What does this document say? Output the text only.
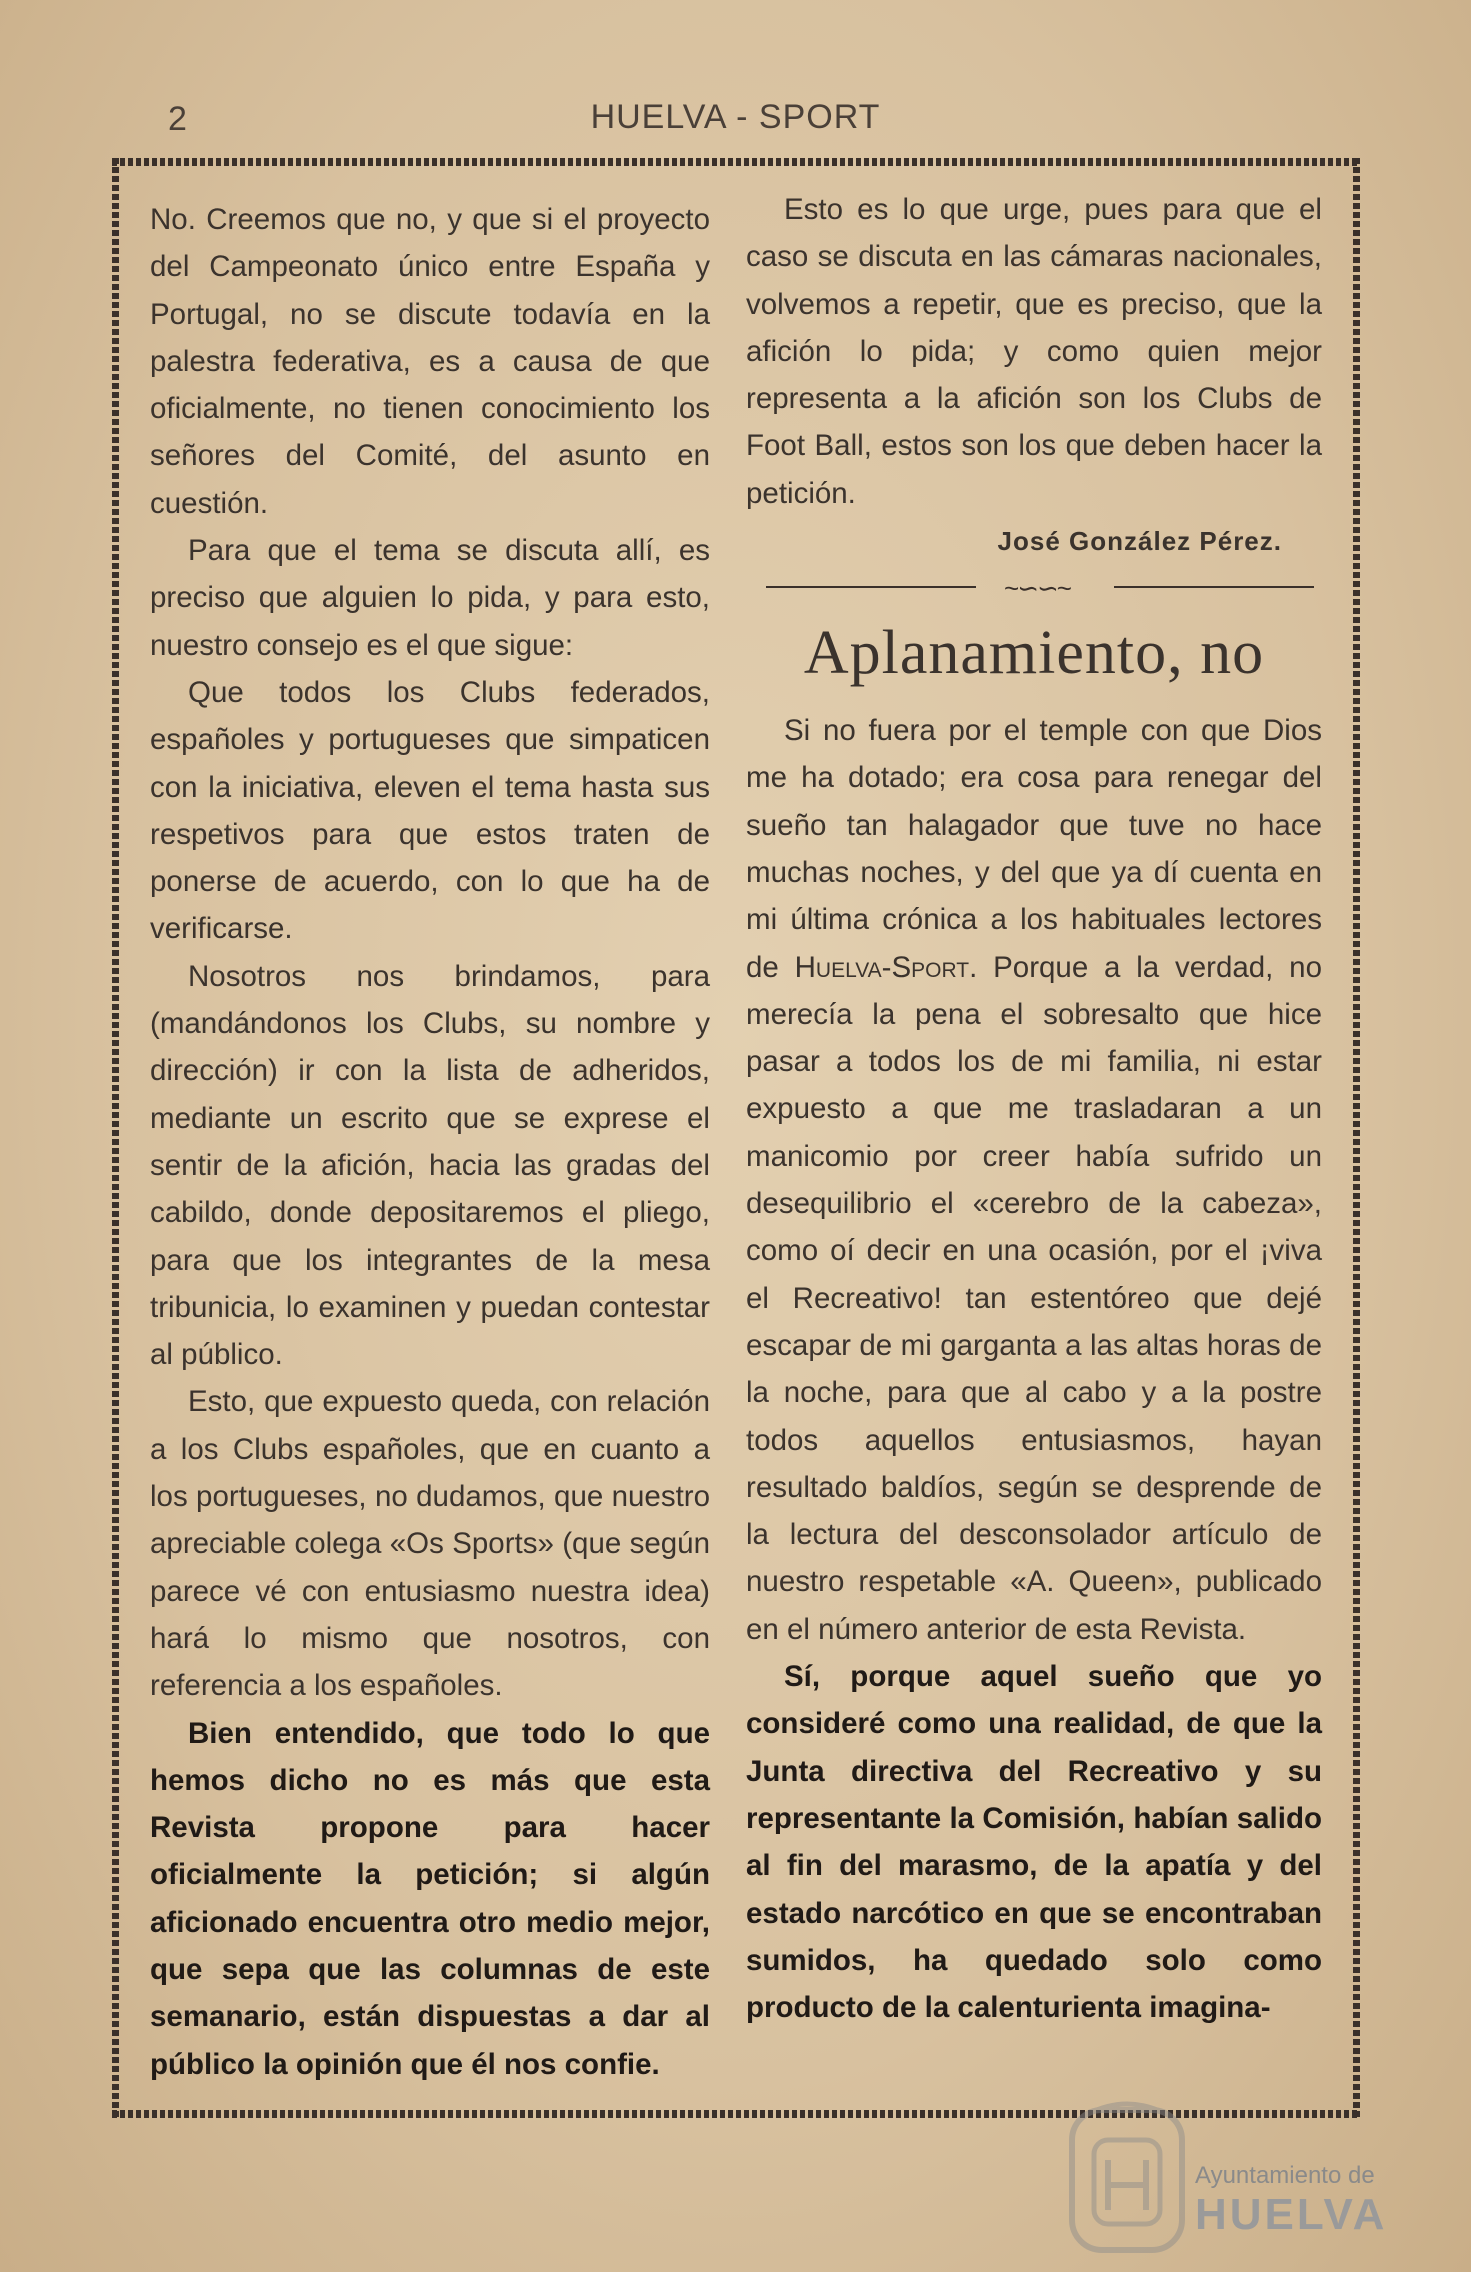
2	HUELVA - SPORT

No. Creemos que no, y que si el proyecto del Campeonato único entre España y Portugal, no se discute todavía en la palestra federativa, es a causa de que oficialmente, no tienen conocimiento los señores del Comité, del asunto en cuestión.

Para que el tema se discuta allí, es preciso que alguien lo pida, y para esto, nuestro consejo es el que sigue:

Que todos los Clubs federados, españoles y portugueses que simpaticen con la iniciativa, eleven el tema hasta sus respetivos para que estos traten de ponerse de acuerdo, con lo que ha de verificarse.

Nosotros nos brindamos, para (mandándonos los Clubs, su nombre y dirección) ir con la lista de adheridos, mediante un escrito que se exprese el sentir de la afición, hacia las gradas del cabildo, donde depositaremos el pliego, para que los integrantes de la mesa tribunicia, lo examinen y puedan contestar al público.

Esto, que expuesto queda, con relación a los Clubs españoles, que en cuanto a los portugueses, no dudamos, que nuestro apreciable colega «Os Sports» (que según parece vé con entusiasmo nuestra idea) hará lo mismo que nosotros, con referencia a los españoles.

Bien entendido, que todo lo que hemos dicho no es más que esta Revista propone para hacer oficialmente la petición; si algún aficionado encuentra otro medio mejor, que sepa que las columnas de este semanario, están dispuestas a dar al público la opinión que él nos confie.

Esto es lo que urge, pues para que el caso se discuta en las cámaras nacionales, volvemos a repetir, que es preciso, que la afición lo pida; y como quien mejor representa a la afición son los Clubs de Foot Ball, estos son los que deben hacer la petición.

José González Pérez.
~∽∽~
Aplanamiento, no

Si no fuera por el temple con que Dios me ha dotado; era cosa para renegar del sueño tan halagador que tuve no hace muchas noches, y del que ya dí cuenta en mi última crónica a los habituales lectores de Huelva-Sport. Porque a la verdad, no merecía la pena el sobresalto que hice pasar a todos los de mi familia, ni estar expuesto a que me trasladaran a un manicomio por creer había sufrido un desequilibrio el «cerebro de la cabeza», como oí decir en una ocasión, por el ¡viva el Recreativo! tan estentóreo que dejé escapar de mi garganta a las altas horas de la noche, para que al cabo y a la postre todos aquellos entusiasmos, hayan resultado baldíos, según se desprende de la lectura del desconsolador artículo de nuestro respetable «A. Queen», publicado en el número anterior de esta Revista.

Sí, porque aquel sueño que yo consideré como una realidad, de que la Junta directiva del Recreativo y su representante la Comisión, habían salido al fin del marasmo, de la apatía y del estado narcótico en que se encontraban sumidos, ha quedado solo como producto de la calenturienta imagina-

Ayuntamiento de
HUELVA
